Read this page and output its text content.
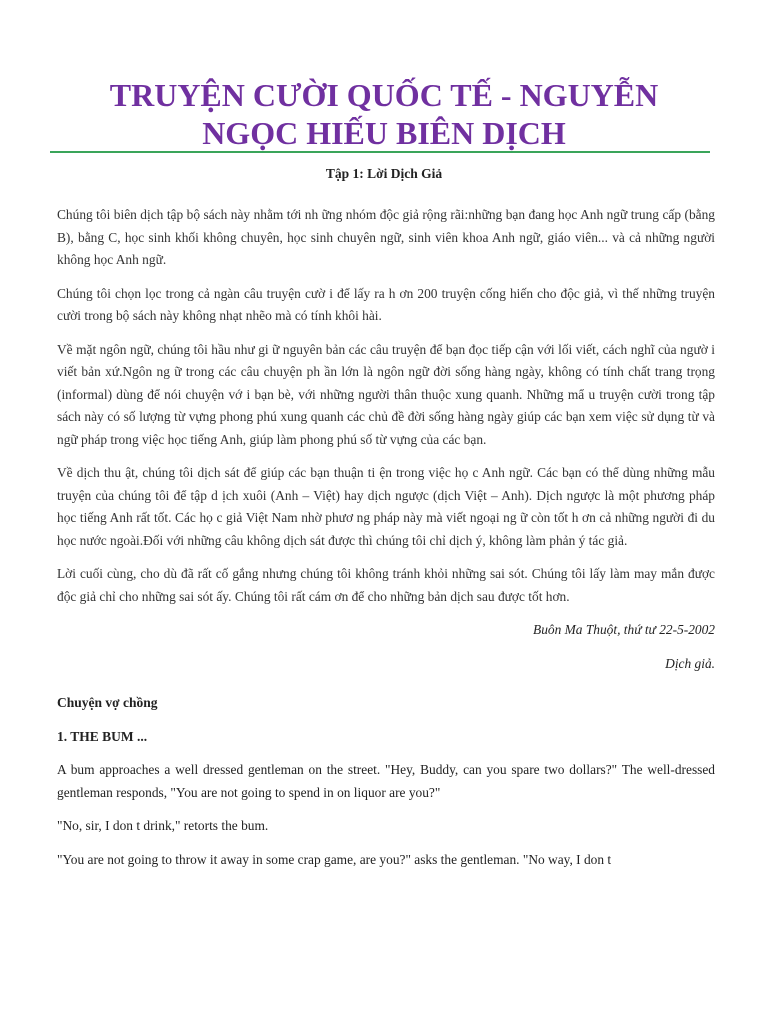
TRUYỆN CƯỜI QUỐC TẾ - NGUYỄN
NGỌC HIẾU BIÊN DỊCH

Tập 1: Lời Dịch Giả

Chúng tôi biên dịch tập bộ sách này nhằm tới nh ững nhóm độc giả rộng rãi:những bạn đang học Anh ngữ trung cấp (bằng B), bằng C, học sinh khối không chuyên, học sinh chuyên ngữ, sinh viên khoa Anh ngữ, giáo viên... và cả những người không học Anh ngữ.

Chúng tôi chọn lọc trong cả ngàn câu truyện cườ i để lấy ra h ơn 200 truyện cống hiến cho độc giả, vì thế những truyện cười trong bộ sách này không nhạt nhẽo mà có tính khôi hài.

Về mặt ngôn ngữ, chúng tôi hầu như gi ữ nguyên bản các câu truyện để bạn đọc tiếp cận với lối viết, cách nghĩ của ngườ i viết bản xứ.Ngôn ng ữ trong các câu chuyện ph ần lớn là ngôn ngữ đời sống hàng ngày, không có tính chất trang trọng (informal) dùng để nói chuyện vớ i bạn bè, với những người thân thuộc xung quanh. Những mẩ u truyện cười trong tập sách này có số lượng từ vựng phong phú xung quanh các chủ đề đời sống hàng ngày giúp các bạn xem việc sử dụng từ và ngữ pháp trong việc học tiếng Anh, giúp làm phong phú số từ vựng của các bạn.

Về dịch thu ật, chúng tôi dịch sát để giúp các bạn thuận ti ện trong việc họ c Anh ngữ. Các bạn có thể dùng những mẫu truyện của chúng tôi để tập d ịch xuôi (Anh – Việt) hay dịch ngược (dịch Việt – Anh). Dịch ngược là một phương pháp học tiếng Anh rất tốt. Các họ c giả Việt Nam nhờ phươ ng pháp này mà viết ngoại ng ữ còn tốt h ơn cả những người đi du học nước ngoài.Đối với những câu không dịch sát được thì chúng tôi chỉ dịch ý, không làm phản ý tác giả.

Lời cuối cùng, cho dù đã rất cố gắng nhưng chúng tôi không tránh khỏi những sai sót. Chúng tôi lấy làm may mắn được độc giả chỉ cho những sai sót ấy. Chúng tôi rất cám ơn để cho những bản dịch sau được tốt hơn.

Buôn Ma Thuột, thứ tư 22-5-2002

Dịch giả.

Chuyện vợ chồng

1. THE BUM ...

A bum approaches a well dressed gentleman on the street. "Hey, Buddy, can you spare two dollars?" The well-dressed gentleman responds, "You are not going to spend in on liquor are you?"

"No, sir, I don t drink," retorts the bum.

"You are not going to throw it away in some crap game, are you?" asks the gentleman. "No way, I don t
